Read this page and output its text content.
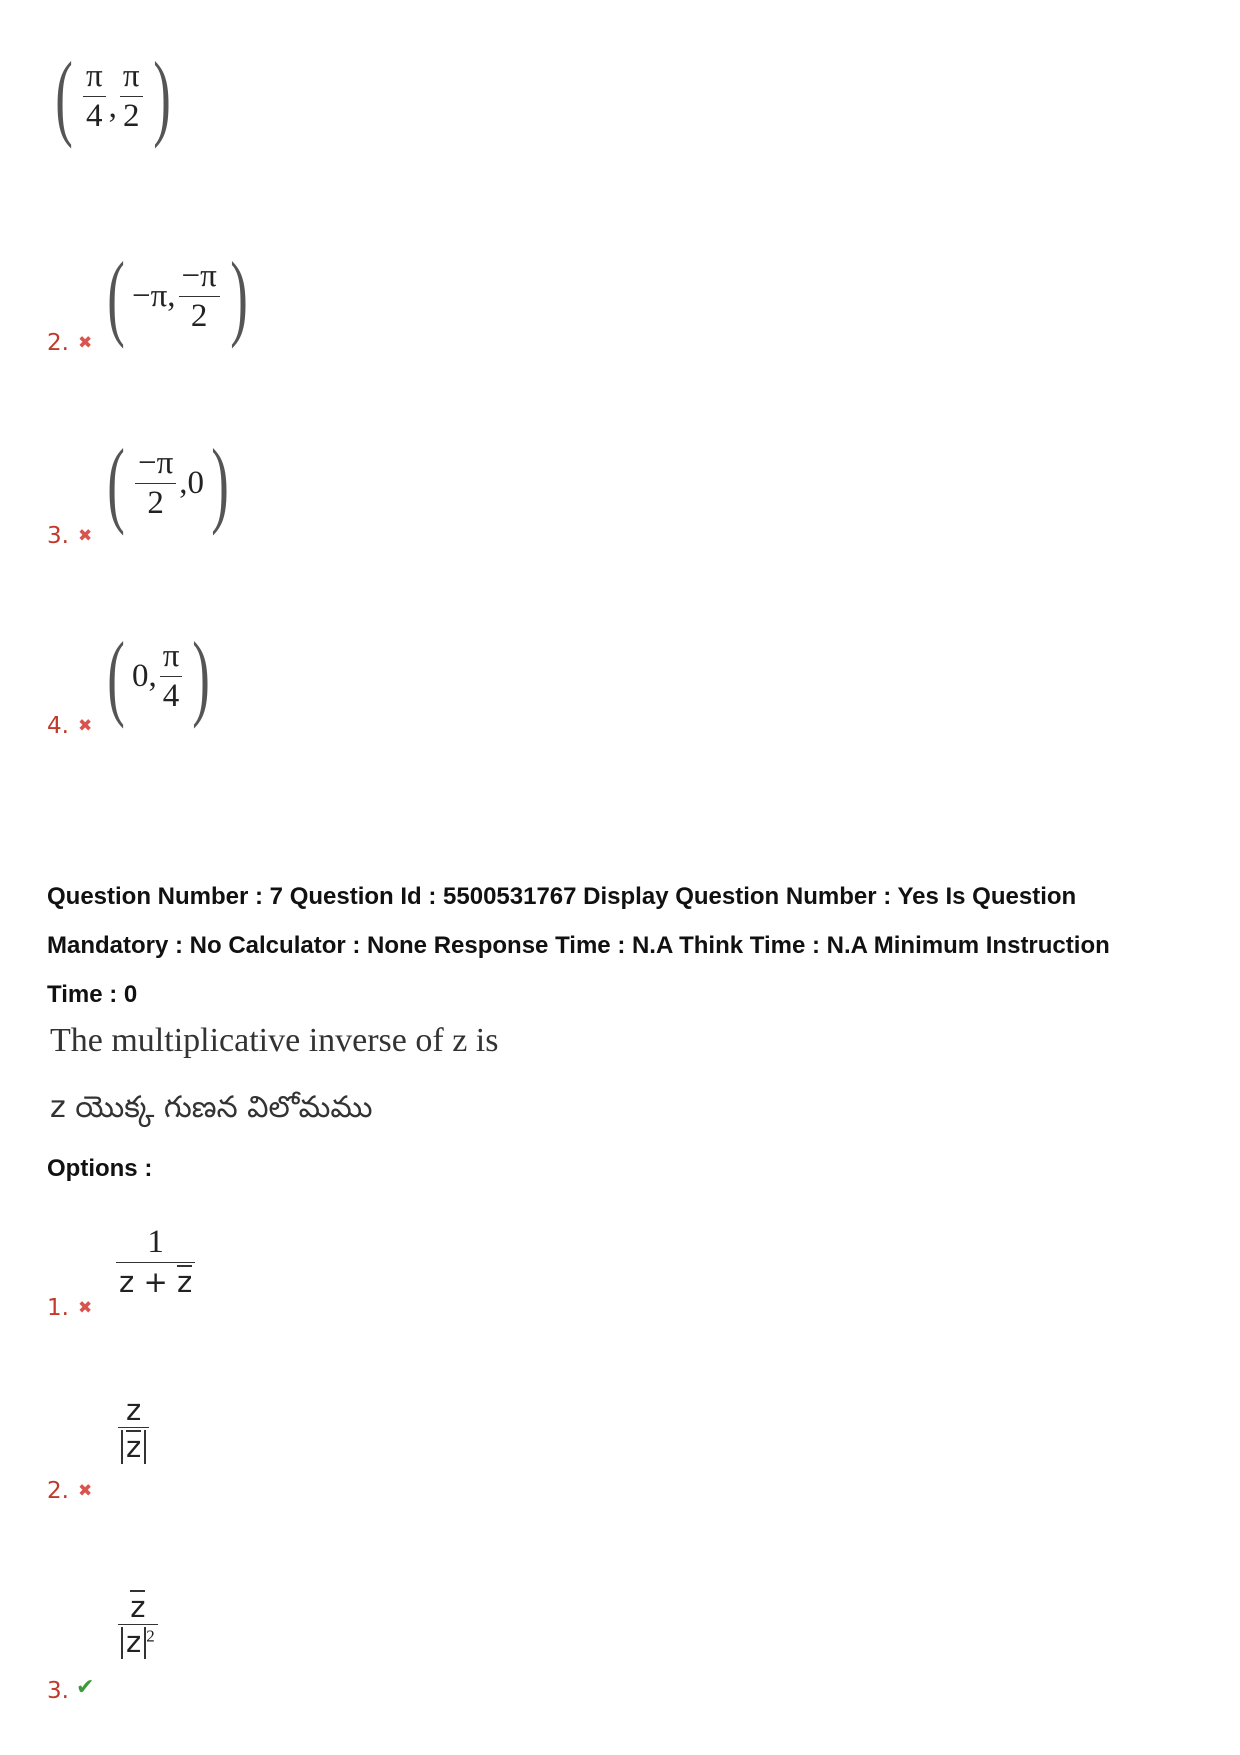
( $\frac{\pi}{4}$ , $\frac{\pi}{2}$ )
2. ✖ ( −π, $\frac{-\pi}{2}$ )
3. ✖ ( $\frac{-\pi}{2} ,0$ )
4. ✖ ( 0, $\frac{\pi}{4}$ )
Question Number : 7 Question Id : 5500531767 Display Question Number : Yes Is Question
Mandatory : No Calculator : None Response Time : N.A Think Time : N.A Minimum Instruction
Time : 0
The multiplicative inverse of z is
z యొక్క గుణన విలోమము
Options :
1. ✖
$\frac{1}{z + z}$
2. ✖
$\frac{z}{z}$
3. ✔
$\frac{z}{z ^2}$
